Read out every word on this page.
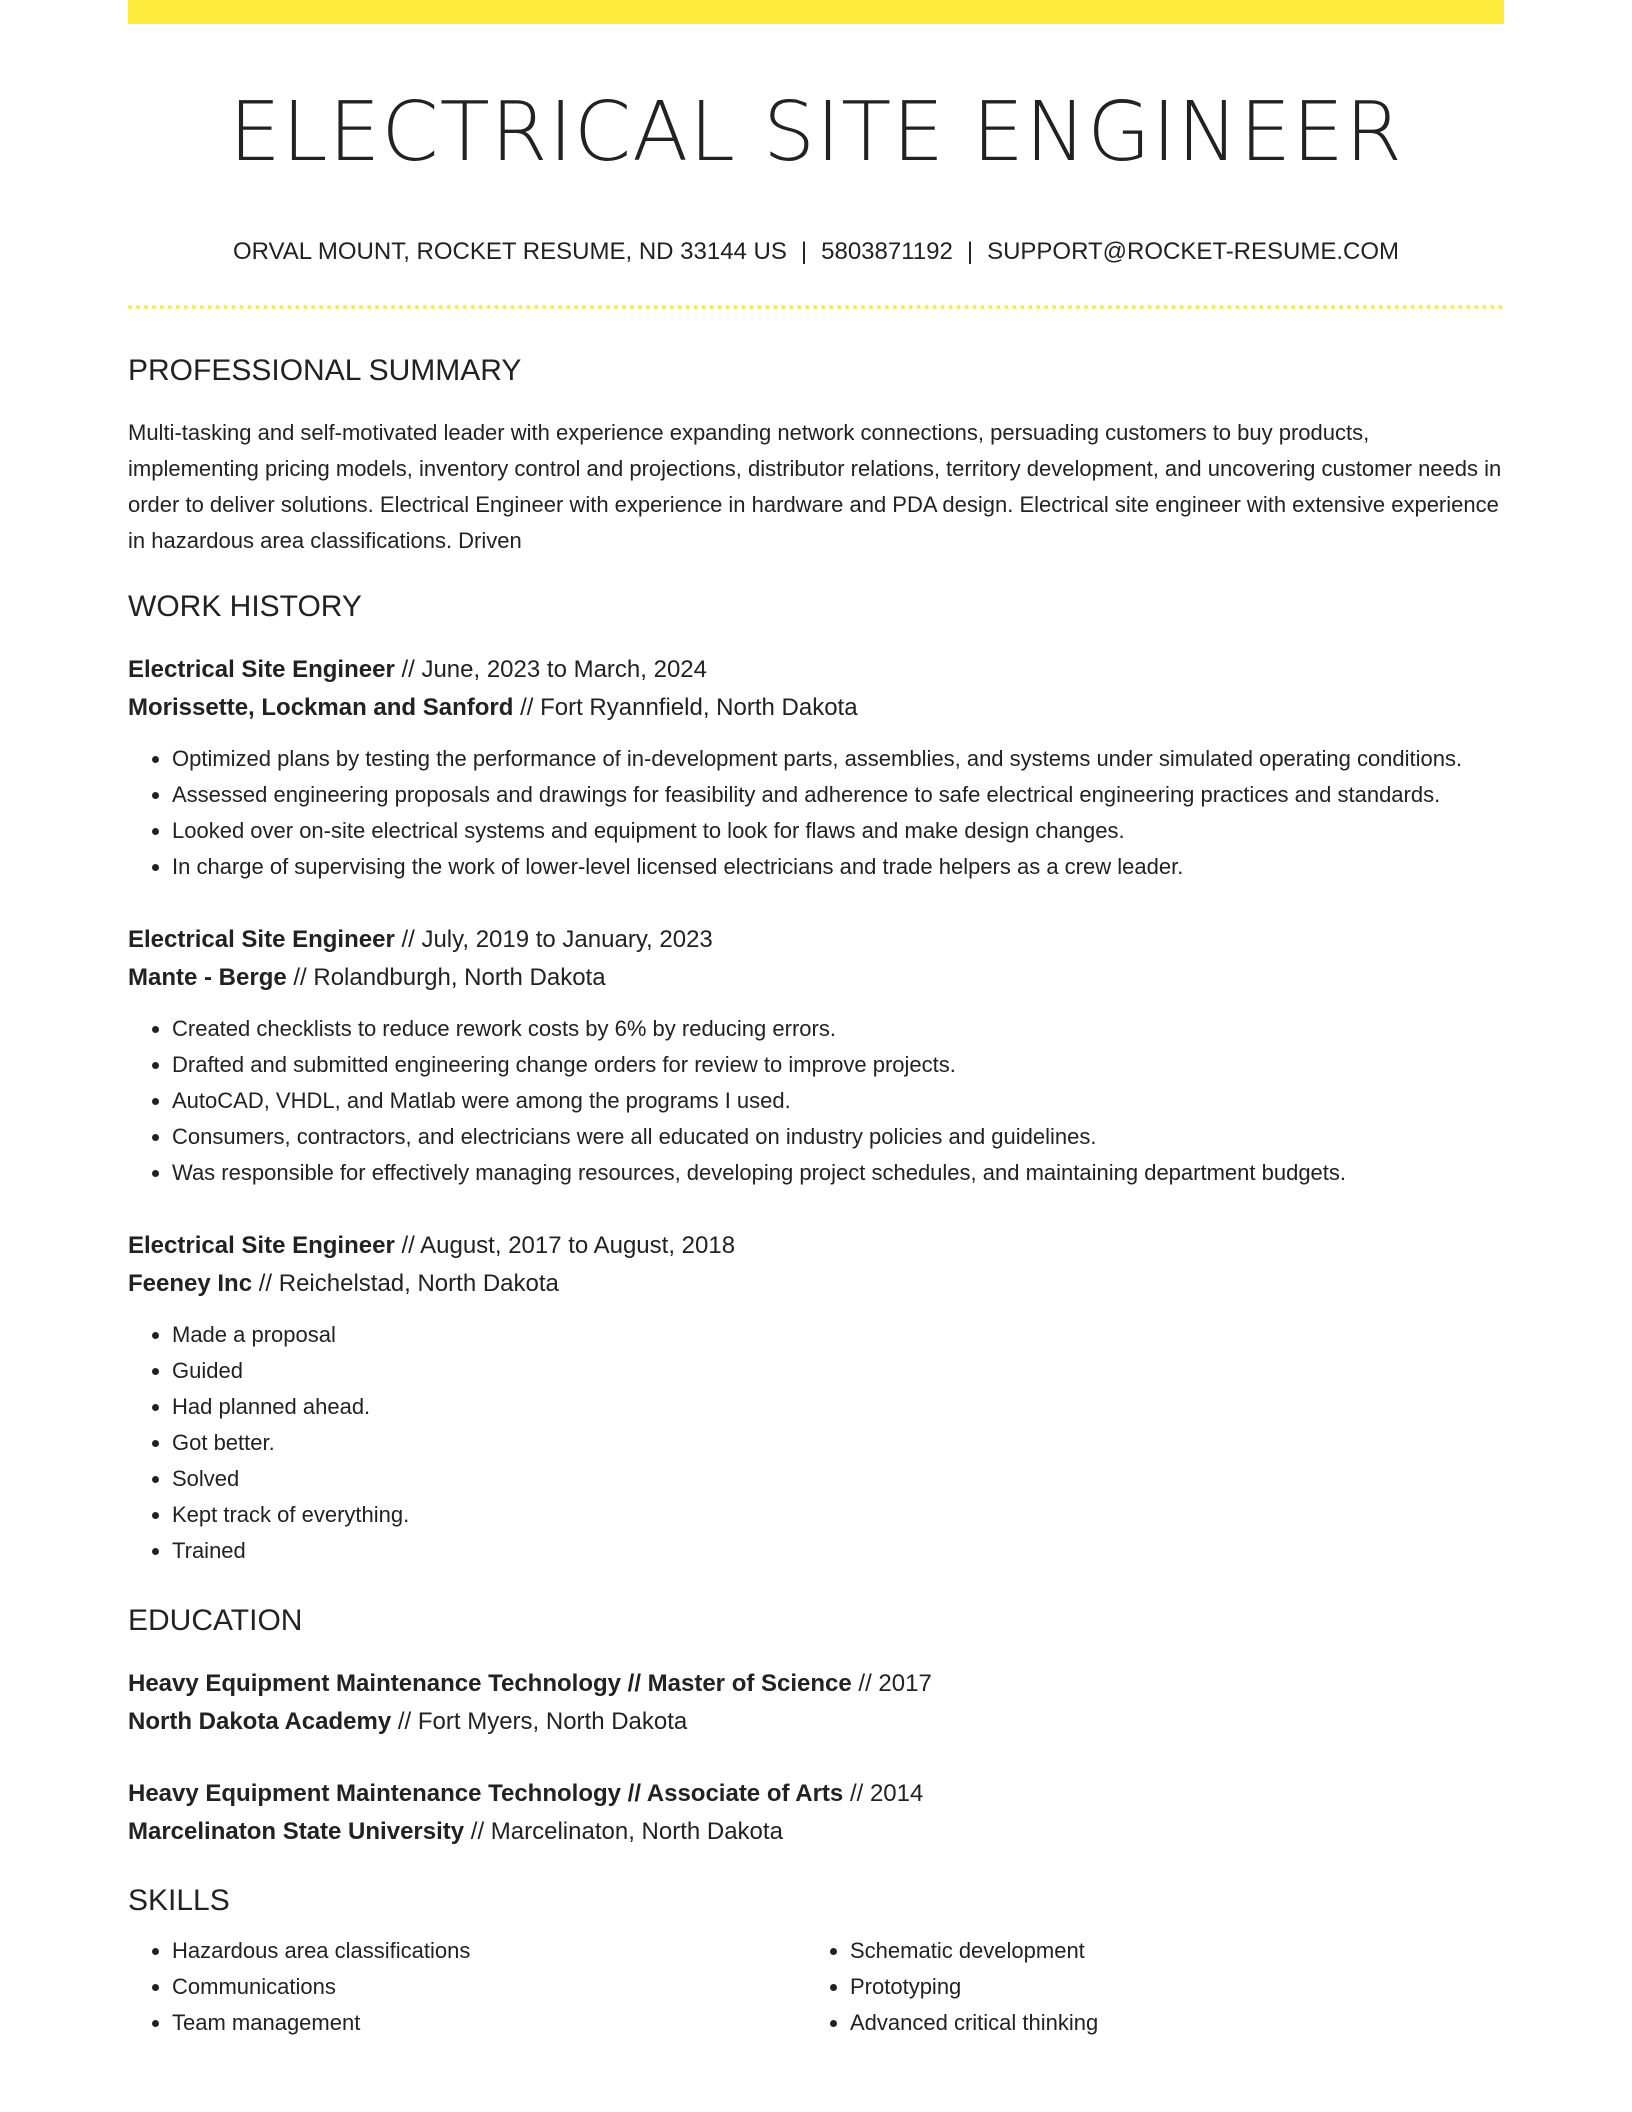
ELECTRICAL SITE ENGINEER
ORVAL MOUNT, ROCKET RESUME, ND 33144 US | 5803871192 | SUPPORT@ROCKET-RESUME.COM
PROFESSIONAL SUMMARY

Multi-tasking and self-motivated leader with experience expanding network connections, persuading customers to buy products, implementing pricing models, inventory control and projections, distributor relations, territory development, and uncovering customer needs in order to deliver solutions. Electrical Engineer with experience in hardware and PDA design. Electrical site engineer with extensive experience in hazardous area classifications. Driven

WORK HISTORY
Electrical Site Engineer // June, 2023 to March, 2024
Morissette, Lockman and Sanford // Fort Ryannfield, North Dakota
• Optimized plans by testing the performance of in-development parts, assemblies, and systems under simulated operating conditions.
• Assessed engineering proposals and drawings for feasibility and adherence to safe electrical engineering practices and standards.
• Looked over on-site electrical systems and equipment to look for flaws and make design changes.
• In charge of supervising the work of lower-level licensed electricians and trade helpers as a crew leader.
Electrical Site Engineer // July, 2019 to January, 2023
Mante - Berge // Rolandburgh, North Dakota
• Created checklists to reduce rework costs by 6% by reducing errors.
• Drafted and submitted engineering change orders for review to improve projects.
• AutoCAD, VHDL, and Matlab were among the programs I used.
• Consumers, contractors, and electricians were all educated on industry policies and guidelines.
• Was responsible for effectively managing resources, developing project schedules, and maintaining department budgets.
Electrical Site Engineer // August, 2017 to August, 2018
Feeney Inc // Reichelstad, North Dakota
• Made a proposal
• Guided
• Had planned ahead.
• Got better.
• Solved
• Kept track of everything.
• Trained
EDUCATION
Heavy Equipment Maintenance Technology // Master of Science // 2017
North Dakota Academy // Fort Myers, North Dakota
Heavy Equipment Maintenance Technology // Associate of Arts // 2014
Marcelinaton State University // Marcelinaton, North Dakota
SKILLS
• Hazardous area classifications
• Communications
• Team management
• Schematic development
• Prototyping
• Advanced critical thinking
